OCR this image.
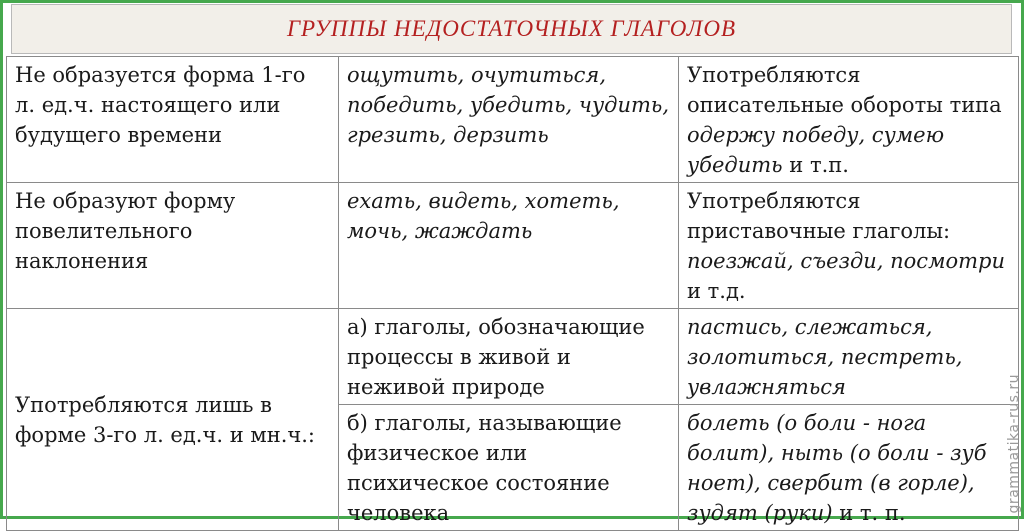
ГРУППЫ НЕДОСТАТОЧНЫХ ГЛАГОЛОВ
Не образуется форма 1-го л. ед.ч. настоящего или будущего времени	ощутить, очутиться, победить, убедить, чудить, грезить, дерзить	Употребляются описательные обороты типа одержу победу, сумею убедить и т.п.
Не образуют форму повелительного наклонения	ехать, видеть, хотеть, мочь, жаждать	Употребляются приставочные глаголы: поезжай, съезди, посмотри и т.д.
Употребляются лишь в форме 3-го л. ед.ч. и мн.ч.:	а) глаголы, обозначающие процессы в живой и неживой природе	пастись, слежаться, золотиться, пестреть, увлажняться
	б) глаголы, называющие физическое или психическое состояние человека	болеть (о боли - нога болит), ныть (о боли - зуб ноет), свербит (в горле), зудят (руки) и т. п.	grammatika-rus.ru
